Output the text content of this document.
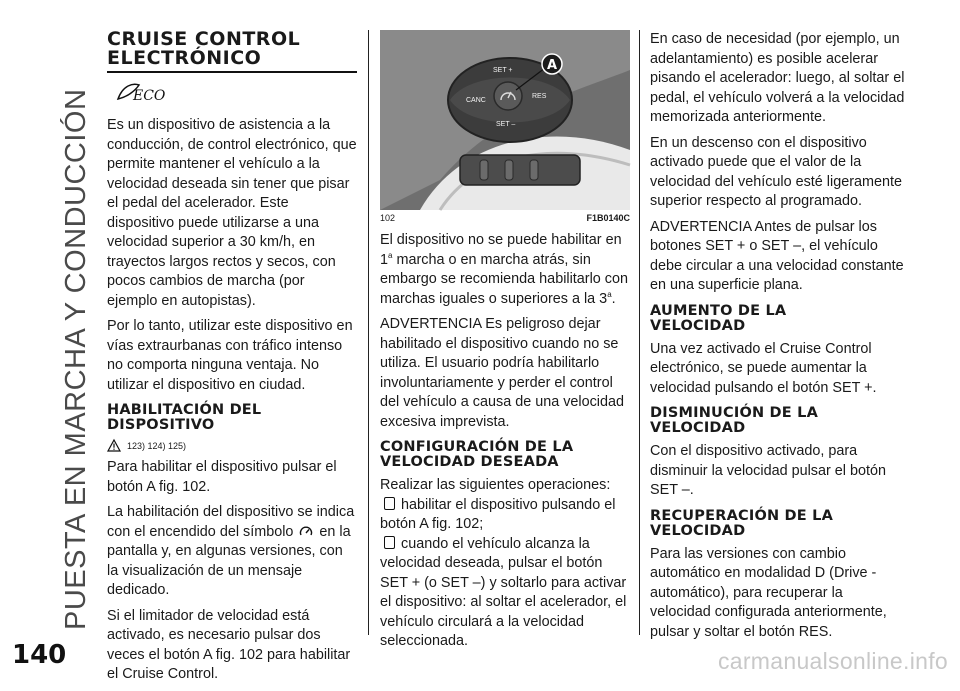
PUESTA EN MARCHA Y CONDUCCIÓN
140	carmanualsonline.info
CRUISE CONTROL
ELECTRÓNICO
ECO

Es un dispositivo de asistencia a la conducción, de control electrónico, que permite mantener el vehículo a la velocidad deseada sin tener que pisar el pedal del acelerador. Este dispositivo puede utilizarse a una velocidad superior a 30 km/h, en trayectos largos rectos y secos, con pocos cambios de marcha (por ejemplo en autopistas).

Por lo tanto, utilizar este dispositivo en vías extraurbanas con tráfico intenso no comporta ninguna ventaja. No utilizar el dispositivo en ciudad.

HABILITACIÓN DEL
DISPOSITIVO
123) 124) 125)

Para habilitar el dispositivo pulsar el botón A fig. 102.

La habilitación del dispositivo se indica con el encendido del símbolo en la pantalla y, en algunas versiones, con la visualización de un mensaje dedicado.

Si el limitador de velocidad está activado, es necesario pulsar dos veces el botón A fig. 102 para habilitar el Cruise Control.

SET +
CANC
RES
SET –
A
102	F1B0140C

El dispositivo no se puede habilitar en 1$^a$ marcha o en marcha atrás, sin embargo se recomienda habilitarlo con marchas iguales o superiores a la 3$^a$.

ADVERTENCIA Es peligroso dejar habilitado el dispositivo cuando no se utiliza. El usuario podría habilitarlo involuntariamente y perder el control del vehículo a causa de una velocidad excesiva imprevista.

CONFIGURACIÓN DE LA
VELOCIDAD DESEADA

Realizar las siguientes operaciones:

habilitar el dispositivo pulsando el botón A fig. 102;

cuando el vehículo alcanza la velocidad deseada, pulsar el botón SET + (o SET –) y soltarlo para activar el dispositivo: al soltar el acelerador, el vehículo circulará a la velocidad seleccionada.

En caso de necesidad (por ejemplo, un adelantamiento) es posible acelerar pisando el acelerador: luego, al soltar el pedal, el vehículo volverá a la velocidad memorizada anteriormente.

En un descenso con el dispositivo activado puede que el valor de la velocidad del vehículo esté ligeramente superior respecto al programado.

ADVERTENCIA Antes de pulsar los botones SET + o SET –, el vehículo debe circular a una velocidad constante en una superficie plana.

AUMENTO DE LA
VELOCIDAD

Una vez activado el Cruise Control electrónico, se puede aumentar la velocidad pulsando el botón SET +.

DISMINUCIÓN DE LA
VELOCIDAD

Con el dispositivo activado, para disminuir la velocidad pulsar el botón SET –.

RECUPERACIÓN DE LA
VELOCIDAD

Para las versiones con cambio automático en modalidad D (Drive - automático), para recuperar la velocidad configurada anteriormente, pulsar y soltar el botón RES.
